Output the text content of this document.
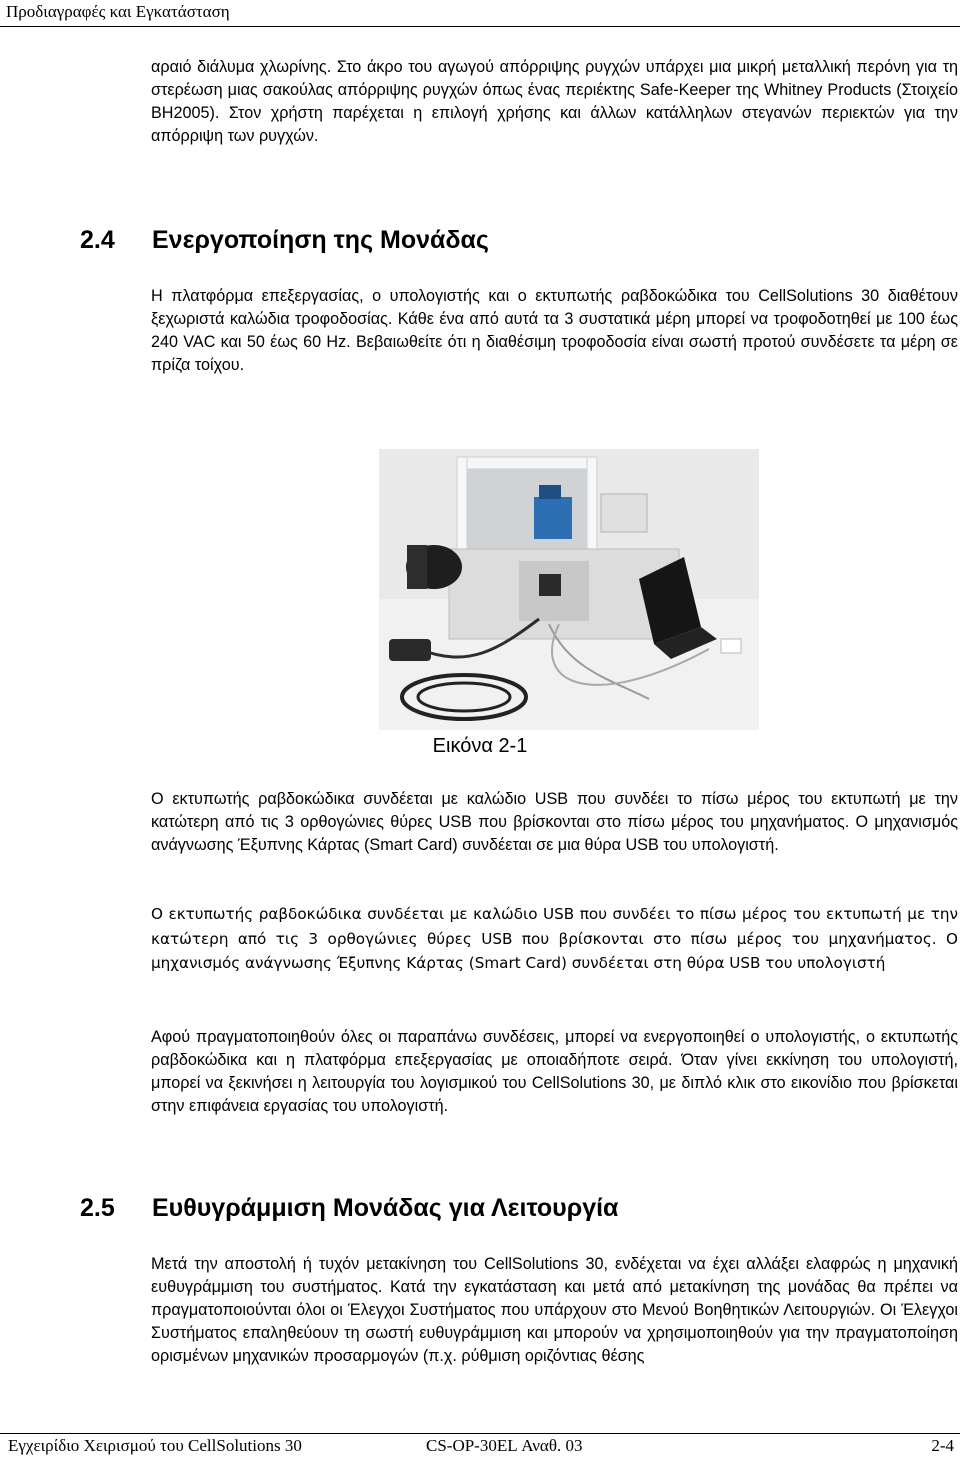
Προδιαγραφές και Εγκατάσταση

αραιό διάλυμα χλωρίνης. Στο άκρο του αγωγού απόρριψης ρυγχών υπάρχει μια μικρή μεταλλική περόνη για τη στερέωση μιας σακούλας απόρριψης ρυγχών όπως ένας περιέκτης Safe-Keeper της Whitney Products (Στοιχείο ΒΗ2005). Στον χρήστη παρέχεται η επιλογή χρήσης και άλλων κατάλληλων στεγανών περιεκτών για την απόρριψη των ρυγχών.

2.4 Ενεργοποίηση της Μονάδας

Η πλατφόρμα επεξεργασίας, ο υπολογιστής και ο εκτυπωτής ραβδοκώδικα του CellSolutions 30 διαθέτουν ξεχωριστά καλώδια τροφοδοσίας. Κάθε ένα από αυτά τα 3 συστατικά μέρη μπορεί να τροφοδοτηθεί με 100 έως 240 VAC και 50 έως 60 Hz. Βεβαιωθείτε ότι η διαθέσιμη τροφοδοσία είναι σωστή προτού συνδέσετε τα μέρη σε πρίζα τοίχου.

Εικόνα 2-1

Ο εκτυπωτής ραβδοκώδικα συνδέεται με καλώδιο USB που συνδέει το πίσω μέρος του εκτυπωτή με την κατώτερη από τις 3 ορθογώνιες θύρες USB που βρίσκονται στο πίσω μέρος του μηχανήματος. Ο μηχανισμός ανάγνωσης Έξυπνης Κάρτας (Smart Card) συνδέεται σε μια θύρα USB του υπολογιστή.

Ο εκτυπωτής ραβδοκώδικα συνδέεται με καλώδιο USB που συνδέει το πίσω μέρος του εκτυπωτή με την κατώτερη από τις 3 ορθογώνιες θύρες USB που βρίσκονται στο πίσω μέρος του μηχανήματος. Ο μηχανισμός ανάγνωσης Έξυπνης Κάρτας (Smart Card) συνδέεται στη θύρα USB του υπολογιστή

Αφού πραγματοποιηθούν όλες οι παραπάνω συνδέσεις, μπορεί να ενεργοποιηθεί ο υπολογιστής, ο εκτυπωτής ραβδοκώδικα και η πλατφόρμα επεξεργασίας με οποιαδήποτε σειρά. Όταν γίνει εκκίνηση του υπολογιστή, μπορεί να ξεκινήσει η λειτουργία του λογισμικού του CellSolutions 30, με διπλό κλικ στο εικονίδιο που βρίσκεται στην επιφάνεια εργασίας του υπολογιστή.

2.5 Ευθυγράμμιση Μονάδας για Λειτουργία

Μετά την αποστολή ή τυχόν μετακίνηση του CellSolutions 30, ενδέχεται να έχει αλλάξει ελαφρώς η μηχανική ευθυγράμμιση του συστήματος. Κατά την εγκατάσταση και μετά από μετακίνηση της μονάδας θα πρέπει να πραγματοποιούνται όλοι οι Έλεγχοι Συστήματος που υπάρχουν στο Μενού Βοηθητικών Λειτουργιών. Οι Έλεγχοι Συστήματος επαληθεύουν τη σωστή ευθυγράμμιση και μπορούν να χρησιμοποιηθούν για την πραγματοποίηση ορισμένων μηχανικών προσαρμογών (π.χ. ρύθμιση οριζόντιας θέσης

Εγχειρίδιο Χειρισμού του CellSolutions 30	CS-OP-30EL Αναθ. 03	2-4
